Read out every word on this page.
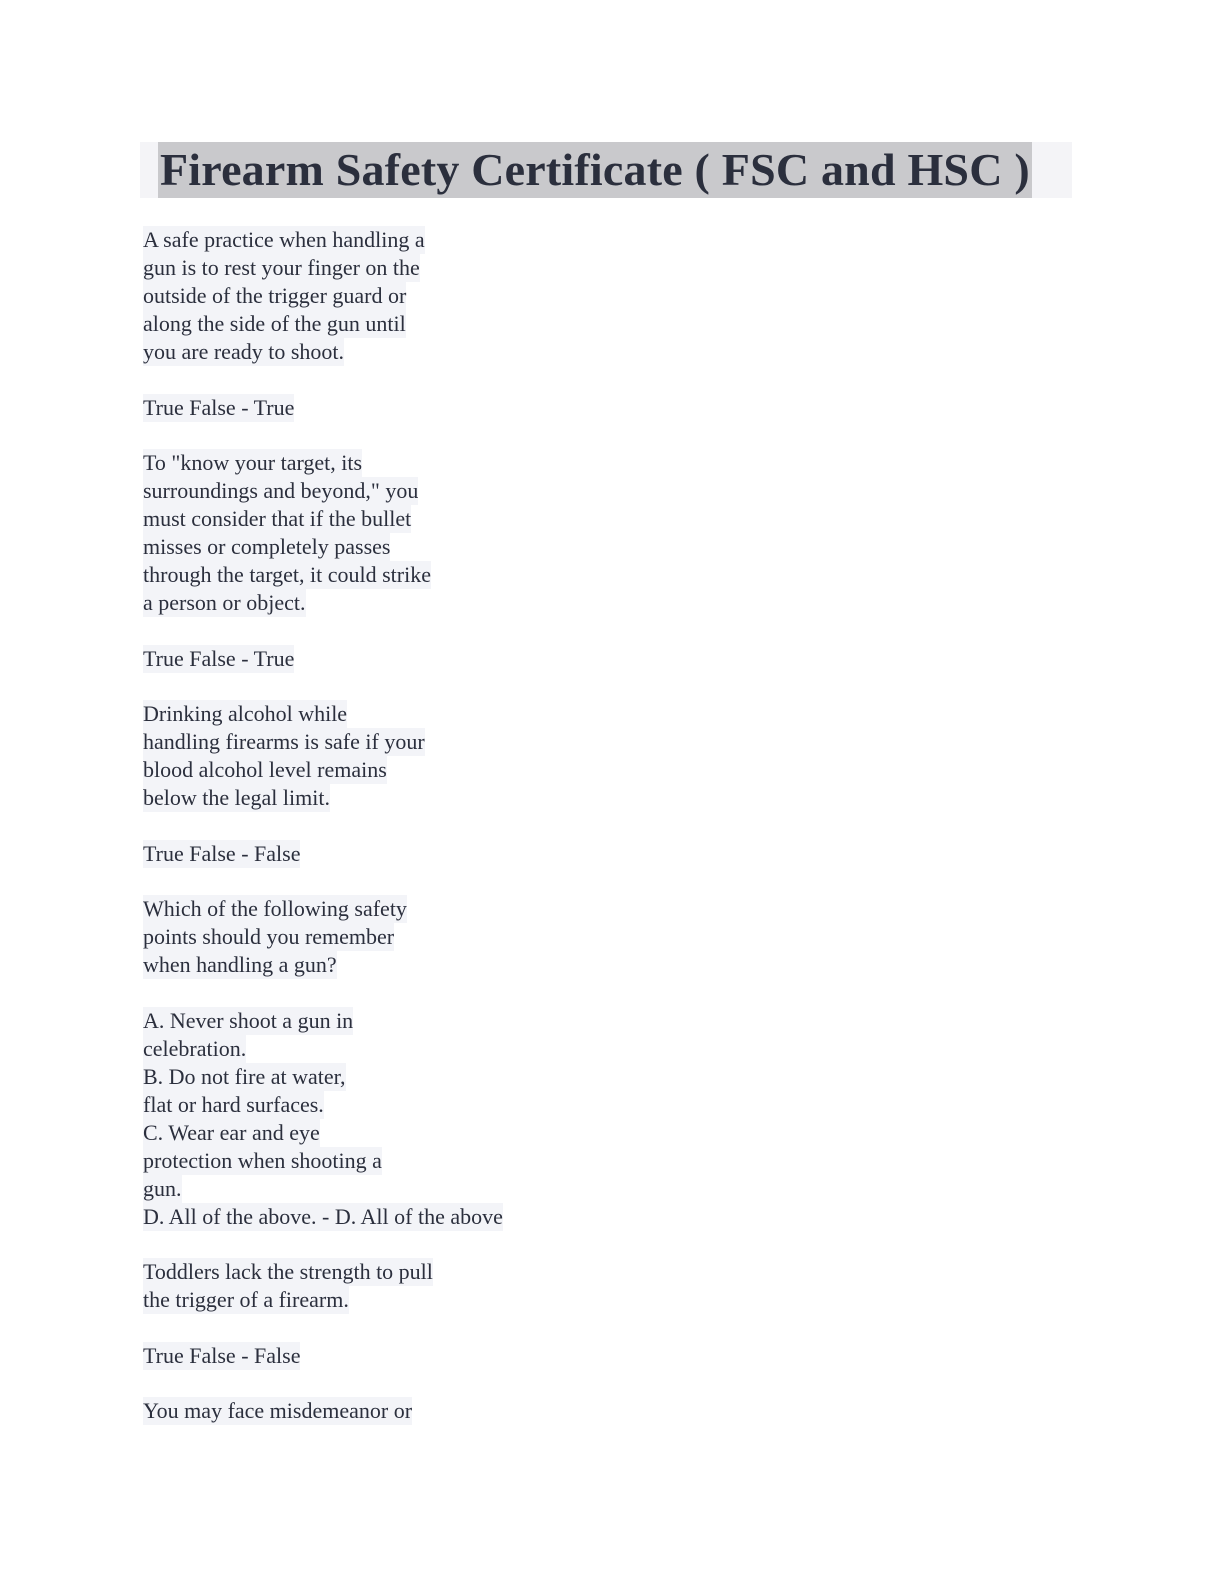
Firearm Safety Certificate ( FSC and HSC )
A safe practice when handling a
gun is to rest your finger on the
outside of the trigger guard or
along the side of the gun until
you are ready to shoot.
True False - True
To "know your target, its
surroundings and beyond," you
must consider that if the bullet
misses or completely passes
through the target, it could strike
a person or object.
True False - True
Drinking alcohol while
handling firearms is safe if your
blood alcohol level remains
below the legal limit.
True False - False
Which of the following safety
points should you remember
when handling a gun?
A. Never shoot a gun in
celebration.
B. Do not fire at water,
flat or hard surfaces.
C. Wear ear and eye
protection when shooting a
gun.
D. All of the above. - D. All of the above
Toddlers lack the strength to pull
the trigger of a firearm.
True False - False
You may face misdemeanor or
